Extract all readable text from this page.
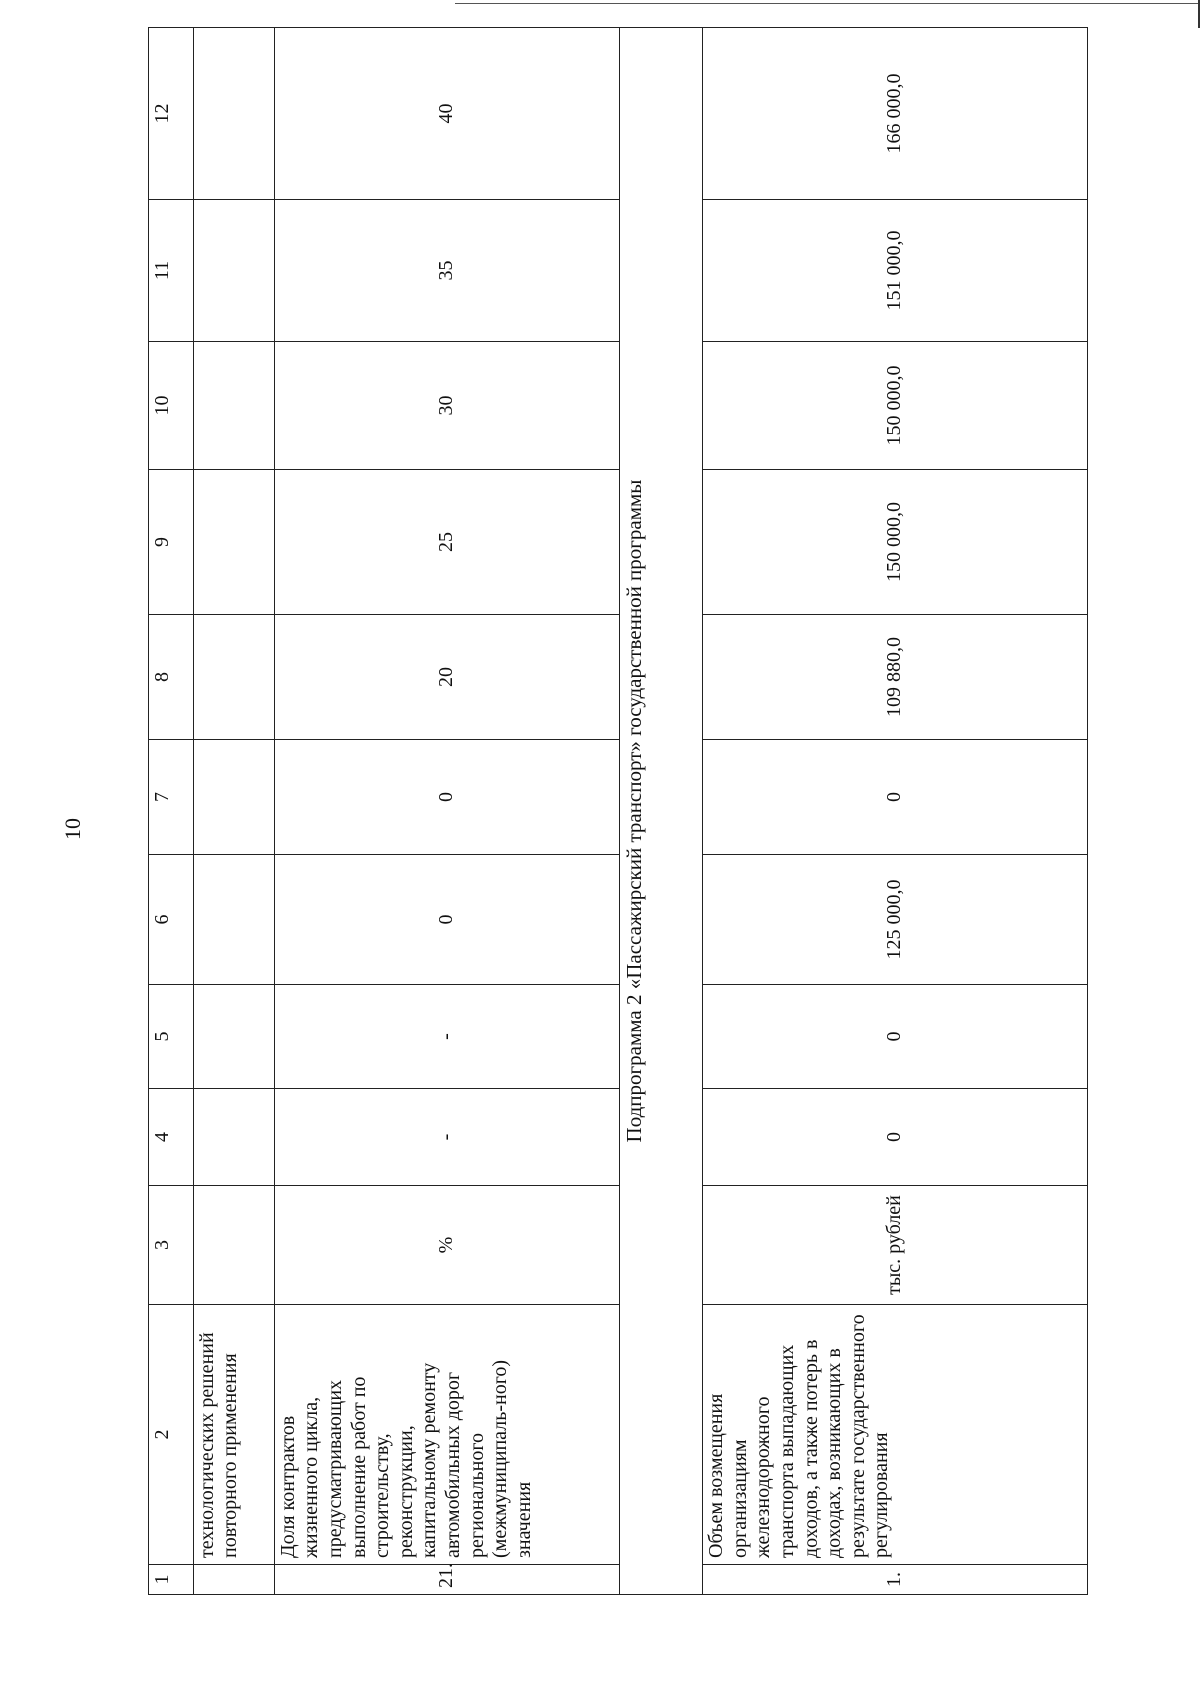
10
1	2	3	4	5	6	7	8	9	10	11	12
	технологических решений повторного применения										
21.	Доля контрактов жизненного цикла, предусматривающих выполнение работ по строительству, реконструкции, капитальному ремонту автомобильных дорог регионального (межмуниципаль-ного) значения	%	-	-	0	0	20	25	30	35	40
Подпрограмма 2 «Пассажирский транспорт» государственной программы											
1.	Объем возмещения организациям железнодорожного транспорта выпадающих доходов, а также потерь в доходах, возникающих в результате государственного регулирования	тыс. рублей	0	0	125 000,0	0	109 880,0	150 000,0	150 000,0	151 000,0	166 000,0
